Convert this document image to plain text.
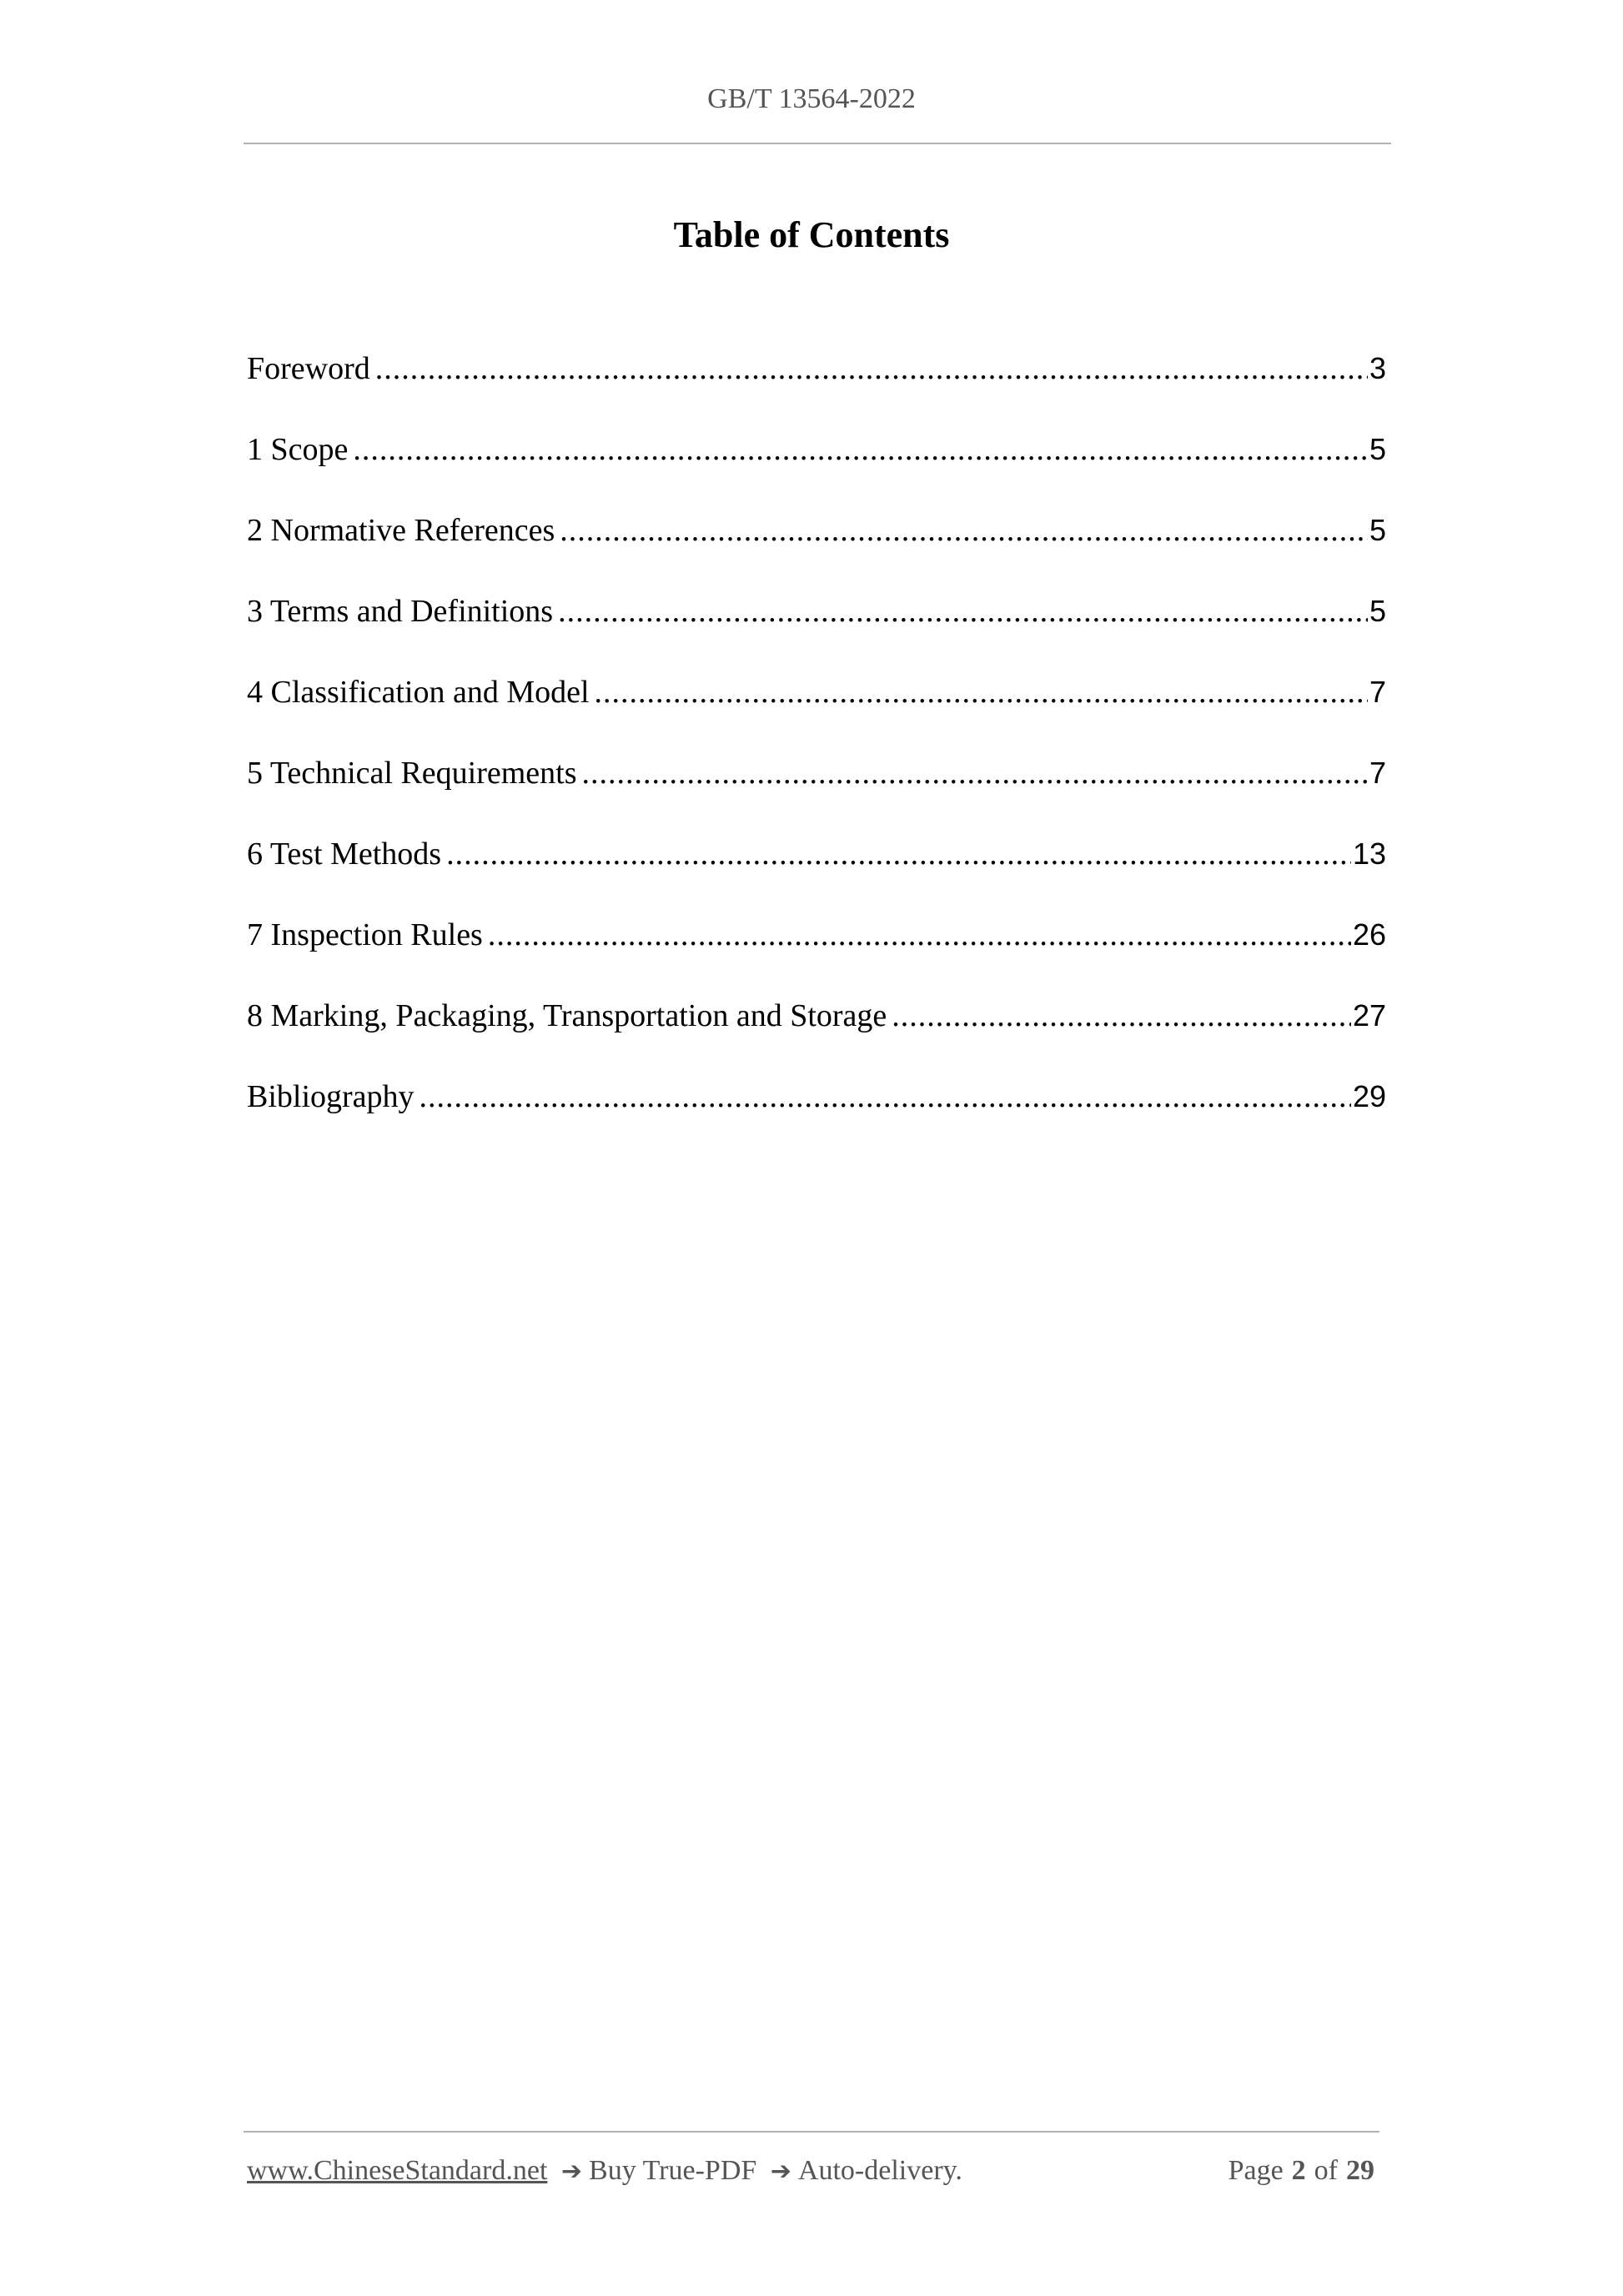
GB/T 13564-2022
Table of Contents
Foreword .....	3
1 Scope .....	5
2 Normative References .....	5
3 Terms and Definitions .....	5
4 Classification and Model .....	7
5 Technical Requirements .....	7
6 Test Methods .....	13
7 Inspection Rules .....	26
8 Marking, Packaging, Transportation and Storage .....	27
Bibliography .....	29
www.ChineseStandard.net ➔ Buy True-PDF ➔ Auto-delivery.	Page 2 of 29
